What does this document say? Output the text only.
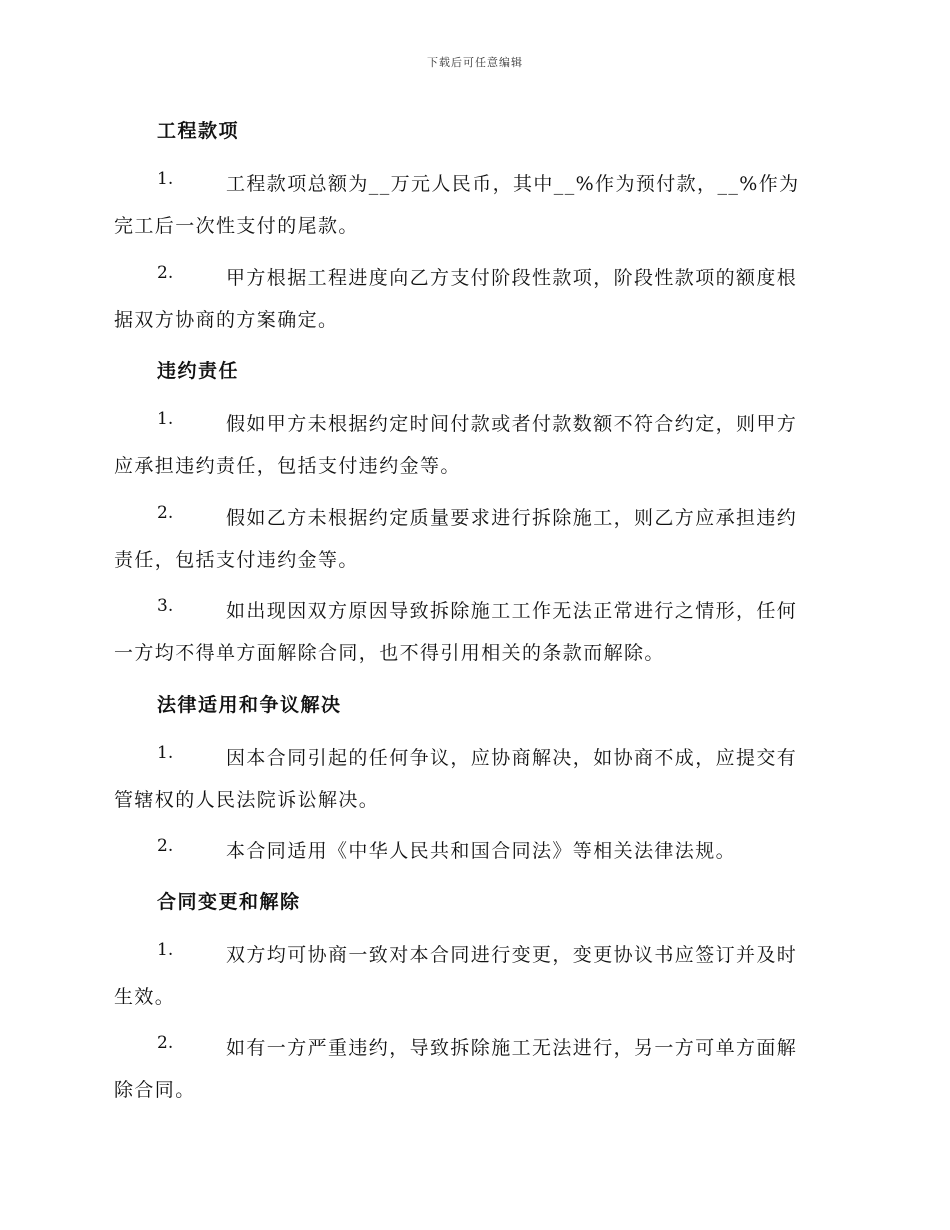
下载后可任意编辑
工程款项
1.	工程款项总额为__万元人民币，其中__%作为预付款，__%作为
完工后一次性支付的尾款。
2.	甲方根据工程进度向乙方支付阶段性款项，阶段性款项的额度根
据双方协商的方案确定。
违约责任
1.	假如甲方未根据约定时间付款或者付款数额不符合约定，则甲方
应承担违约责任，包括支付违约金等。
2.	假如乙方未根据约定质量要求进行拆除施工，则乙方应承担违约
责任，包括支付违约金等。
3.	如出现因双方原因导致拆除施工工作无法正常进行之情形，任何
一方均不得单方面解除合同，也不得引用相关的条款而解除。
法律适用和争议解决
1.	因本合同引起的任何争议，应协商解决，如协商不成，应提交有
管辖权的人民法院诉讼解决。
2.	本合同适用《中华人民共和国合同法》等相关法律法规。
合同变更和解除
1.	双方均可协商一致对本合同进行变更，变更协议书应签订并及时
生效。
2.	如有一方严重违约，导致拆除施工无法进行，另一方可单方面解
除合同。
